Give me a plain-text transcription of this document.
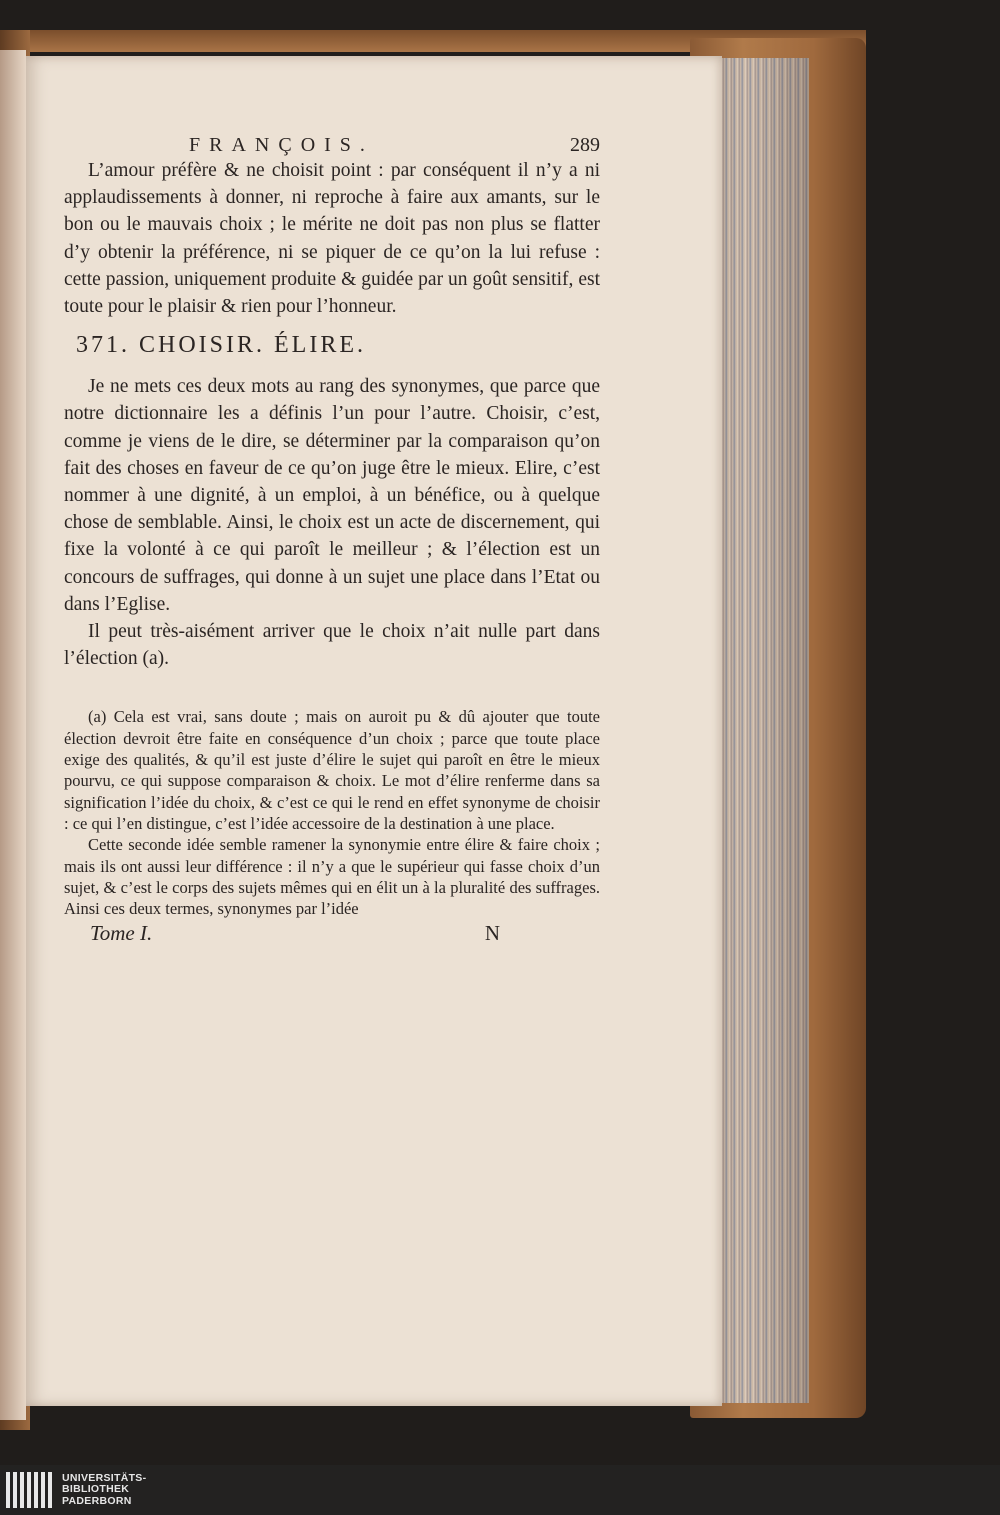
FRANÇOIS.	289

L’amour préfère & ne choisit point : par conséquent il n’y a ni applaudissements à donner, ni reproche à faire aux amants, sur le bon ou le mauvais choix ; le mérite ne doit pas non plus se flatter d’y obtenir la préférence, ni se piquer de ce qu’on la lui refuse : cette passion, uniquement produite & guidée par un goût sensitif, est toute pour le plaisir & rien pour l’honneur.

371. CHOISIR. ÉLIRE.

Je ne mets ces deux mots au rang des synonymes, que parce que notre dictionnaire les a définis l’un pour l’autre. Choisir, c’est, comme je viens de le dire, se déterminer par la comparaison qu’on fait des choses en faveur de ce qu’on juge être le mieux. Elire, c’est nommer à une dignité, à un emploi, à un bénéfice, ou à quelque chose de semblable. Ainsi, le choix est un acte de discernement, qui fixe la volonté à ce qui paroît le meilleur ; & l’élection est un concours de suffrages, qui donne à un sujet une place dans l’Etat ou dans l’Eglise.

Il peut très-aisément arriver que le choix n’ait nulle part dans l’élection (a).

(a) Cela est vrai, sans doute ; mais on auroit pu & dû ajouter que toute élection devroit être faite en conséquence d’un choix ; parce que toute place exige des qualités, & qu’il est juste d’élire le sujet qui paroît en être le mieux pourvu, ce qui suppose comparaison & choix. Le mot d’élire renferme dans sa signification l’idée du choix, & c’est ce qui le rend en effet synonyme de choisir : ce qui l’en distingue, c’est l’idée accessoire de la destination à une place.

Cette seconde idée semble ramener la synonymie entre élire & faire choix ; mais ils ont aussi leur différence : il n’y a que le supérieur qui fasse choix d’un sujet, & c’est le corps des sujets mêmes qui en élit un à la pluralité des suffrages. Ainsi ces deux termes, synonymes par l’idée

Tome I.	N
UNIVERSITÄTS-
BIBLIOTHEK
PADERBORN
